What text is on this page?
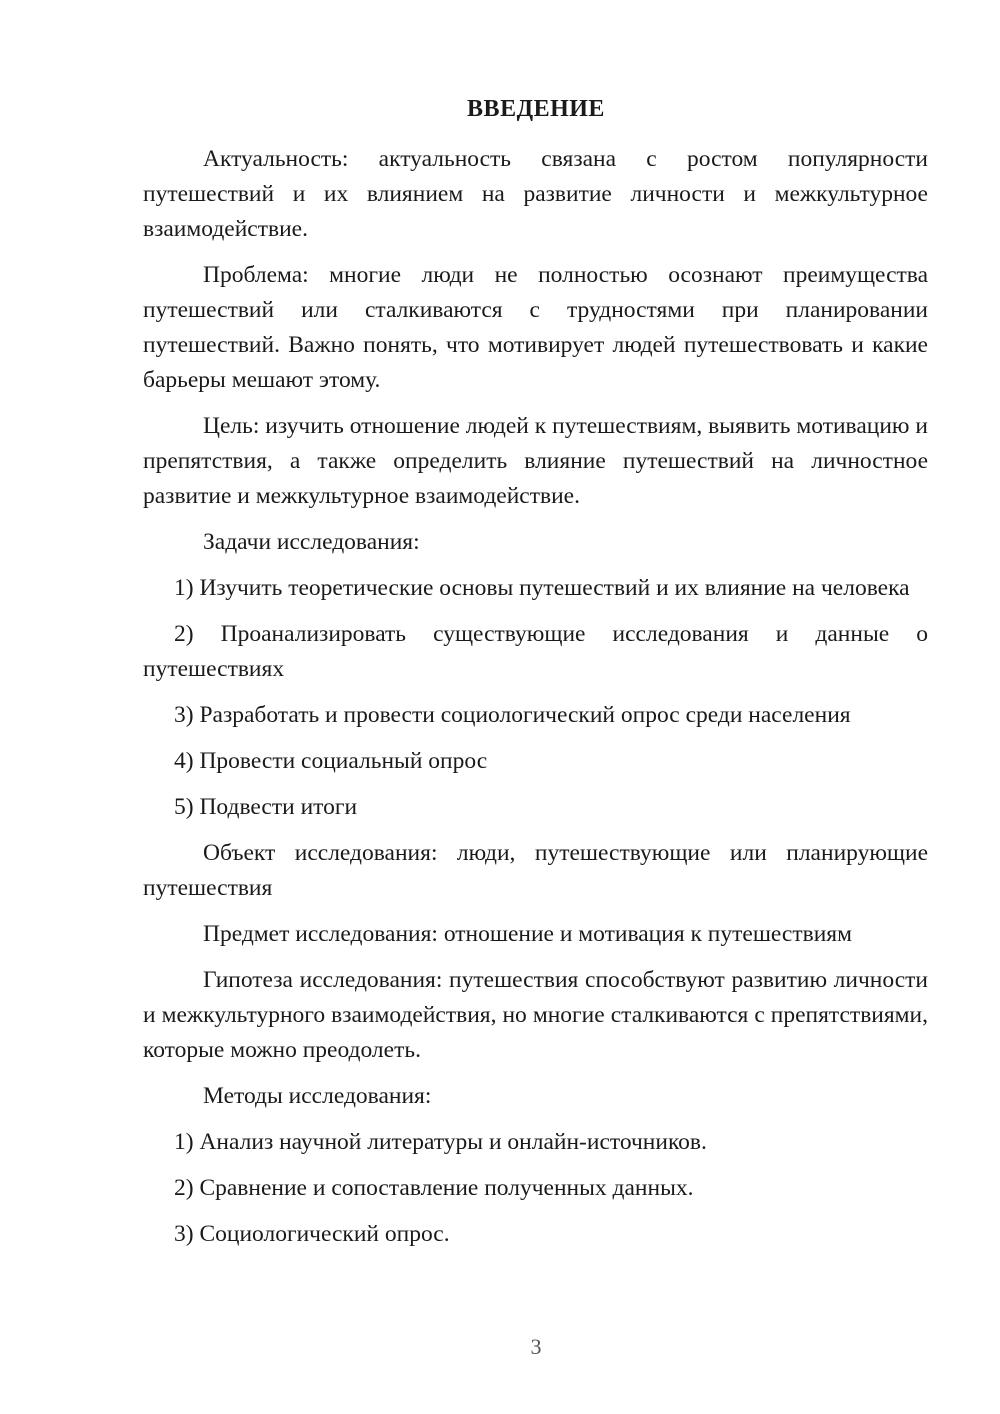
ВВЕДЕНИЕ

Актуальность: актуальность связана с ростом популярности путешествий и их влиянием на развитие личности и межкультурное взаимодействие.

Проблема: многие люди не полностью осознают преимущества путешествий или сталкиваются с трудностями при планировании путешествий. Важно понять, что мотивирует людей путешествовать и какие барьеры мешают этому.

Цель: изучить отношение людей к путешествиям, выявить мотивацию и препятствия, а также определить влияние путешествий на личностное развитие и межкультурное взаимодействие.

Задачи исследования:

1) Изучить теоретические основы путешествий и их влияние на человека

2) Проанализировать существующие исследования и данные о путешествиях

3) Разработать и провести социологический опрос среди населения

4) Провести социальный опрос

5) Подвести итоги

Объект исследования: люди, путешествующие или планирующие путешествия

Предмет исследования: отношение и мотивация к путешествиям

Гипотеза исследования: путешествия способствуют развитию личности и межкультурного взаимодействия, но многие сталкиваются с препятствиями, которые можно преодолеть.

Методы исследования:

1) Анализ научной литературы и онлайн-источников.

2) Сравнение и сопоставление полученных данных.

3) Социологический опрос.

3
